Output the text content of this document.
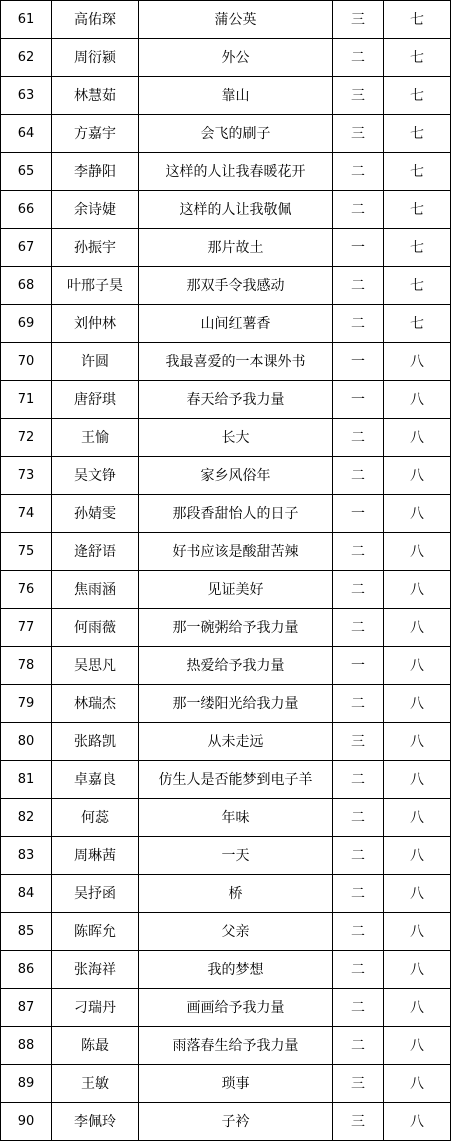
61	高佑琛	蒲公英	三	七
62	周衍颍	外公	二	七
63	林慧茹	靠山	三	七
64	方嘉宇	会飞的刷子	三	七
65	李静阳	这样的人让我春暖花开	二	七
66	余诗婕	这样的人让我敬佩	二	七
67	孙振宇	那片故土	一	七
68	叶邢子昊	那双手令我感动	二	七
69	刘仲林	山间红薯香	二	七
70	许圆	我最喜爱的一本课外书	一	八
71	唐舒琪	春天给予我力量	一	八
72	王愉	长大	二	八
73	吴文铮	家乡风俗年	二	八
74	孙婧雯	那段香甜怡人的日子	一	八
75	逄舒语	好书应该是酸甜苦辣	二	八
76	焦雨涵	见证美好	二	八
77	何雨薇	那一碗粥给予我力量	二	八
78	吴思凡	热爱给予我力量	一	八
79	林瑞杰	那一缕阳光给我力量	二	八
80	张路凯	从未走远	三	八
81	卓嘉良	仿生人是否能梦到电子羊	二	八
82	何蕊	年味	二	八
83	周琳茜	一天	二	八
84	吴抒函	桥	二	八
85	陈晖允	父亲	二	八
86	张海祥	我的梦想	二	八
87	刁瑞丹	画画给予我力量	二	八
88	陈最	雨落春生给予我力量	二	八
89	王敏	琐事	三	八
90	李佩玲	子衿	三	八
